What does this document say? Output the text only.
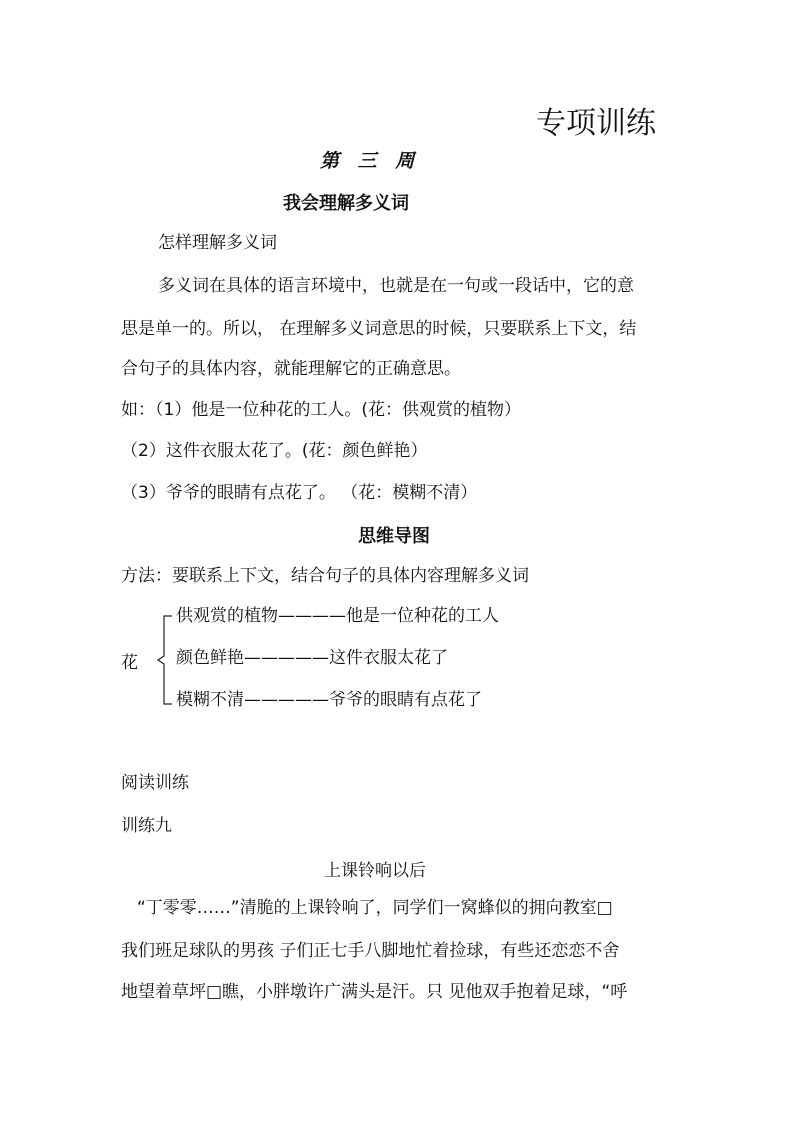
专项训练
第 三 周
我会理解多义词
怎样理解多义词
多义词在具体的语言环境中，也就是在一句或一段话中，它的意
思是单一的。所以， 在理解多义词意思的时候，只要联系上下文，结
合句子的具体内容，就能理解它的正确意思。
如：（1）他是一位种花的工人。(花：供观赏的植物）
（2）这件衣服太花了。(花：颜色鲜艳）
（3）爷爷的眼睛有点花了。 （花：模糊不清）
思维导图
方法：要联系上下文，结合句子的具体内容理解多义词
花
供观赏的植物————他是一位种花的工人
颜色鲜艳—————这件衣服太花了
模糊不清—————爷爷的眼睛有点花了
阅读训练
训练九
上课铃响以后
“丁零零……”清脆的上课铃响了，同学们一窝蜂似的拥向教室□
我们班足球队的男孩 子们正七手八脚地忙着捡球，有些还恋恋不舍
地望着草坪□瞧，小胖墩许广满头是汗。只 见他双手抱着足球，“呼
